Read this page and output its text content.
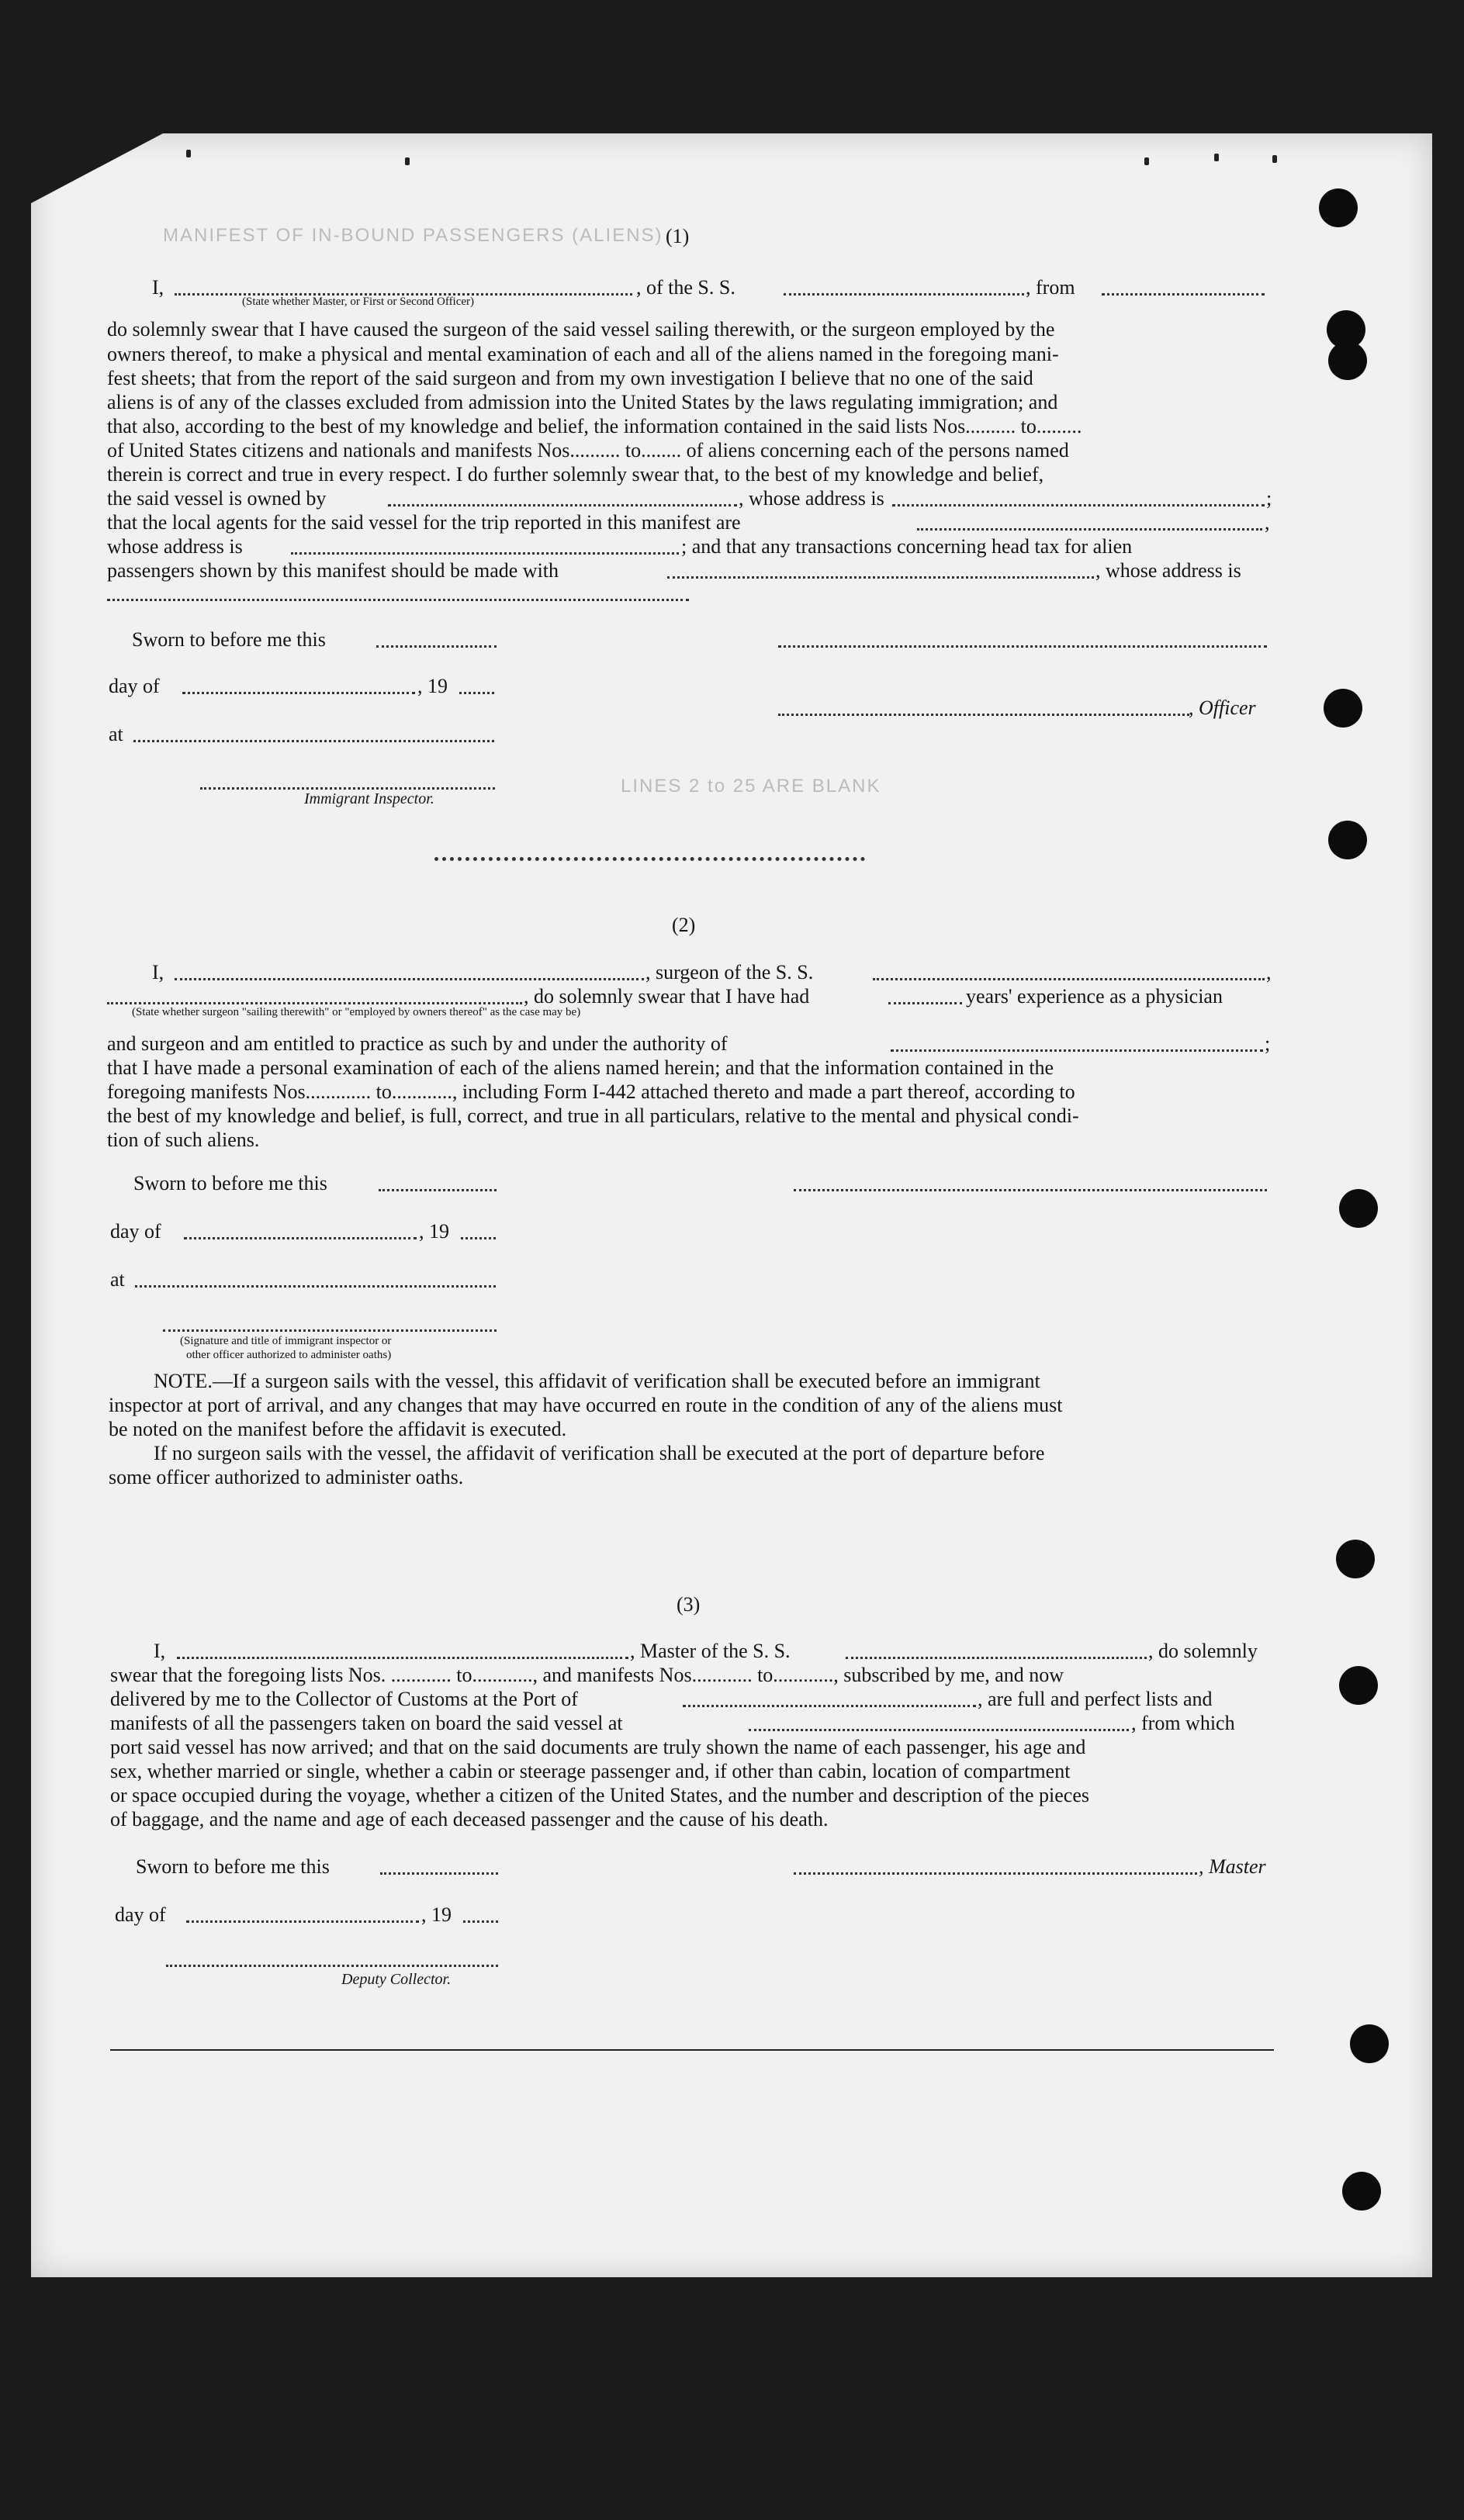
MANIFEST OF IN-BOUND PASSENGERS (ALIENS)
LINES 2 to 25 ARE BLANK
(1)
I,	, of the S. S.	, from
(State whether Master, or First or Second Officer)
do solemnly swear that I have caused the surgeon of the said vessel sailing therewith, or the surgeon employed by the
owners thereof, to make a physical and mental examination of each and all of the aliens named in the foregoing mani-
fest sheets; that from the report of the said surgeon and from my own investigation I believe that no one of the said
aliens is of any of the classes excluded from admission into the United States by the laws regulating immigration; and
that also, according to the best of my knowledge and belief, the information contained in the said lists Nos.......... to.........
of United States citizens and nationals and manifests Nos.......... to........ of aliens concerning each of the persons named
therein is correct and true in every respect. I do further solemnly swear that, to the best of my knowledge and belief,
the said vessel is owned by	, whose address is	;
that the local agents for the said vessel for the trip reported in this manifest are	,
whose address is	; and that any transactions concerning head tax for alien
passengers shown by this manifest should be made with	, whose address is
Sworn to before me this
day of	, 19
, Officer
at
Immigrant Inspector.
(2)
I,	, surgeon of the S. S.	,
, do solemnly swear that I have had	years' experience as a physician
(State whether surgeon "sailing therewith" or "employed by owners thereof" as the case may be)
and surgeon and am entitled to practice as such by and under the authority of	;
that I have made a personal examination of each of the aliens named herein; and that the information contained in the
foregoing manifests Nos............. to............, including Form I-442 attached thereto and made a part thereof, according to
the best of my knowledge and belief, is full, correct, and true in all particulars, relative to the mental and physical condi-
tion of such aliens.
Sworn to before me this
day of	, 19
at
(Signature and title of immigrant inspector or
other officer authorized to administer oaths)
NOTE.—If a surgeon sails with the vessel, this affidavit of verification shall be executed before an immigrant
inspector at port of arrival, and any changes that may have occurred en route in the condition of any of the aliens must
be noted on the manifest before the affidavit is executed.
If no surgeon sails with the vessel, the affidavit of verification shall be executed at the port of departure before
some officer authorized to administer oaths.
(3)
I,	, Master of the S. S.	, do solemnly
swear that the foregoing lists Nos. ............ to............, and manifests Nos............ to............, subscribed by me, and now
delivered by me to the Collector of Customs at the Port of	, are full and perfect lists and
manifests of all the passengers taken on board the said vessel at	, from which
port said vessel has now arrived; and that on the said documents are truly shown the name of each passenger, his age and
sex, whether married or single, whether a cabin or steerage passenger and, if other than cabin, location of compartment
or space occupied during the voyage, whether a citizen of the United States, and the number and description of the pieces
of baggage, and the name and age of each deceased passenger and the cause of his death.
Sworn to before me this	, Master
day of	, 19
Deputy Collector.
